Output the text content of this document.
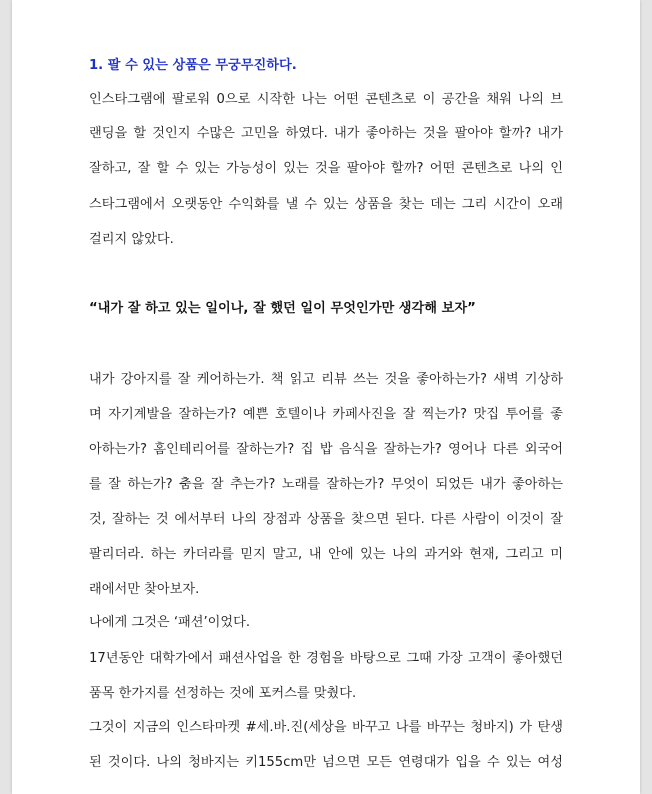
1. 팔 수 있는 상품은 무궁무진하다.
인스타그램에 팔로워 0으로 시작한 나는 어떤 콘텐츠로 이 공간을 채워 나의 브
랜딩을 할 것인지 수많은 고민을 하였다. 내가 좋아하는 것을 팔아야 할까? 내가
잘하고, 잘 할 수 있는 가능성이 있는 것을 팔아야 할까? 어떤 콘텐츠로 나의 인
스타그램에서 오랫동안 수익화를 낼 수 있는 상품을 찾는 데는 그리 시간이 오래
걸리지 않았다.
“내가 잘 하고 있는 일이나, 잘 했던 일이 무엇인가만 생각해 보자”
내가 강아지를 잘 케어하는가. 책 읽고 리뷰 쓰는 것을 좋아하는가? 새벽 기상하
며 자기계발을 잘하는가? 예쁜 호텔이나 카페사진을 잘 찍는가? 맛집 투어를 좋
아하는가? 홈인테리어를 잘하는가? 집 밥 음식을 잘하는가? 영어나 다른 외국어
를 잘 하는가? 춤을 잘 추는가? 노래를 잘하는가? 무엇이 되었든 내가 좋아하는
것, 잘하는 것 에서부터 나의 장점과 상품을 찾으면 된다. 다른 사람이 이것이 잘
팔리더라. 하는 카더라를 믿지 말고, 내 안에 있는 나의 과거와 현재, 그리고 미
래에서만 찾아보자.
나에게 그것은 ‘패션’이었다.
17년동안 대학가에서 패션사업을 한 경험을 바탕으로 그때 가장 고객이 좋아했던
품목 한가지를 선정하는 것에 포커스를 맞췄다.
그것이 지금의 인스타마켓 #세.바.진(세상을 바꾸고 나를 바꾸는 청바지) 가 탄생
된 것이다. 나의 청바지는 키155cm만 넘으면 모든 연령대가 입을 수 있는 여성
